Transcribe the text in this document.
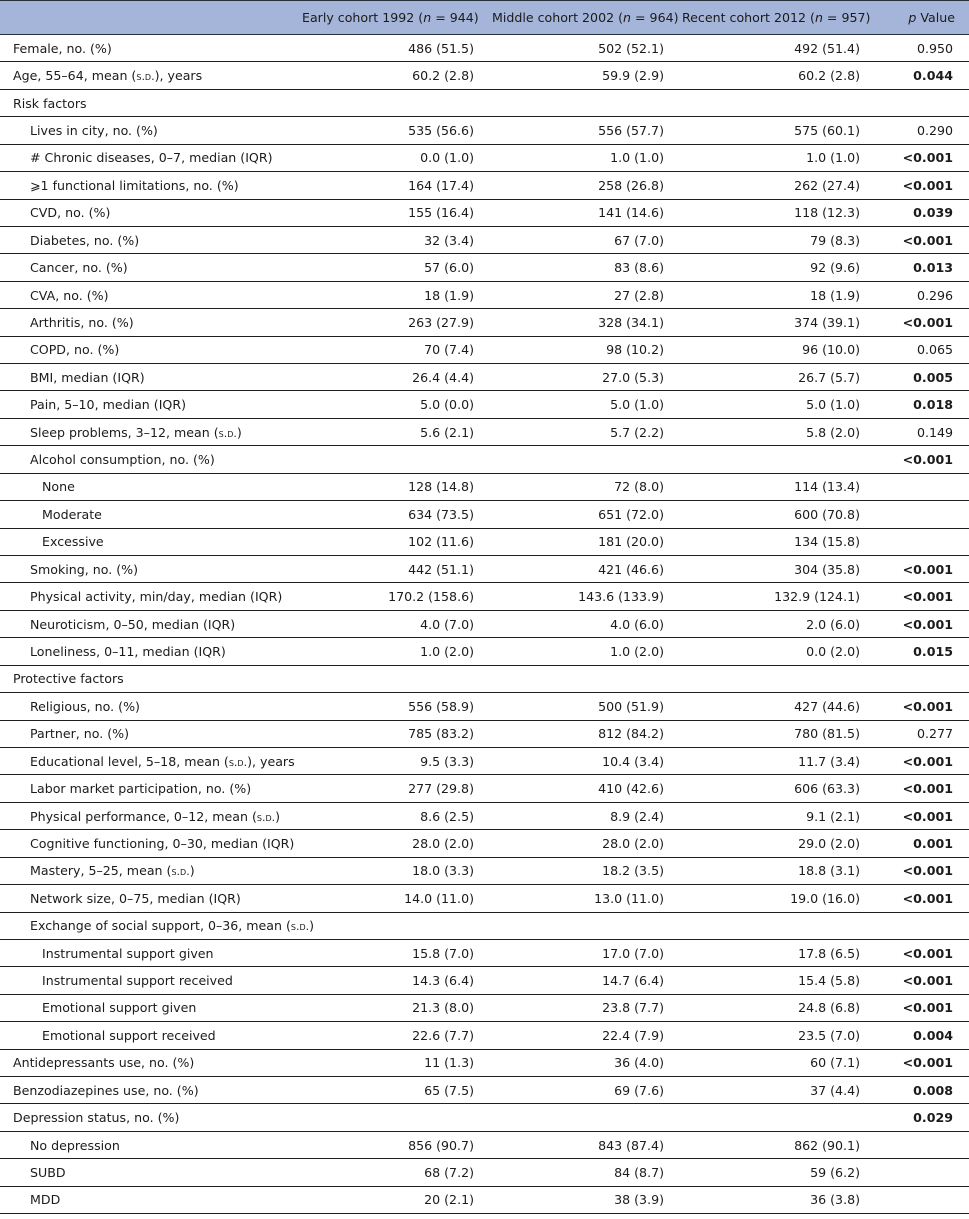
	Early cohort 1992 (n = 944)	Middle cohort 2002 (n = 964)	Recent cohort 2012 (n = 957)	p Value
Female, no. (%)	486 (51.5)	502 (52.1)	492 (51.4)	0.950
Age, 55–64, mean (s.d.), years	60.2 (2.8)	59.9 (2.9)	60.2 (2.8)	0.044
Risk factors				
Lives in city, no. (%)	535 (56.6)	556 (57.7)	575 (60.1)	0.290
# Chronic diseases, 0–7, median (IQR)	0.0 (1.0)	1.0 (1.0)	1.0 (1.0)	<0.001
⩾1 functional limitations, no. (%)	164 (17.4)	258 (26.8)	262 (27.4)	<0.001
CVD, no. (%)	155 (16.4)	141 (14.6)	118 (12.3)	0.039
Diabetes, no. (%)	32 (3.4)	67 (7.0)	79 (8.3)	<0.001
Cancer, no. (%)	57 (6.0)	83 (8.6)	92 (9.6)	0.013
CVA, no. (%)	18 (1.9)	27 (2.8)	18 (1.9)	0.296
Arthritis, no. (%)	263 (27.9)	328 (34.1)	374 (39.1)	<0.001
COPD, no. (%)	70 (7.4)	98 (10.2)	96 (10.0)	0.065
BMI, median (IQR)	26.4 (4.4)	27.0 (5.3)	26.7 (5.7)	0.005
Pain, 5–10, median (IQR)	5.0 (0.0)	5.0 (1.0)	5.0 (1.0)	0.018
Sleep problems, 3–12, mean (s.d.)	5.6 (2.1)	5.7 (2.2)	5.8 (2.0)	0.149
Alcohol consumption, no. (%)				<0.001
None	128 (14.8)	72 (8.0)	114 (13.4)	
Moderate	634 (73.5)	651 (72.0)	600 (70.8)	
Excessive	102 (11.6)	181 (20.0)	134 (15.8)	
Smoking, no. (%)	442 (51.1)	421 (46.6)	304 (35.8)	<0.001
Physical activity, min/day, median (IQR)	170.2 (158.6)	143.6 (133.9)	132.9 (124.1)	<0.001
Neuroticism, 0–50, median (IQR)	4.0 (7.0)	4.0 (6.0)	2.0 (6.0)	<0.001
Loneliness, 0–11, median (IQR)	1.0 (2.0)	1.0 (2.0)	0.0 (2.0)	0.015
Protective factors				
Religious, no. (%)	556 (58.9)	500 (51.9)	427 (44.6)	<0.001
Partner, no. (%)	785 (83.2)	812 (84.2)	780 (81.5)	0.277
Educational level, 5–18, mean (s.d.), years	9.5 (3.3)	10.4 (3.4)	11.7 (3.4)	<0.001
Labor market participation, no. (%)	277 (29.8)	410 (42.6)	606 (63.3)	<0.001
Physical performance, 0–12, mean (s.d.)	8.6 (2.5)	8.9 (2.4)	9.1 (2.1)	<0.001
Cognitive functioning, 0–30, median (IQR)	28.0 (2.0)	28.0 (2.0)	29.0 (2.0)	0.001
Mastery, 5–25, mean (s.d.)	18.0 (3.3)	18.2 (3.5)	18.8 (3.1)	<0.001
Network size, 0–75, median (IQR)	14.0 (11.0)	13.0 (11.0)	19.0 (16.0)	<0.001
Exchange of social support, 0–36, mean (s.d.)				
Instrumental support given	15.8 (7.0)	17.0 (7.0)	17.8 (6.5)	<0.001
Instrumental support received	14.3 (6.4)	14.7 (6.4)	15.4 (5.8)	<0.001
Emotional support given	21.3 (8.0)	23.8 (7.7)	24.8 (6.8)	<0.001
Emotional support received	22.6 (7.7)	22.4 (7.9)	23.5 (7.0)	0.004
Antidepressants use, no. (%)	11 (1.3)	36 (4.0)	60 (7.1)	<0.001
Benzodiazepines use, no. (%)	65 (7.5)	69 (7.6)	37 (4.4)	0.008
Depression status, no. (%)				0.029
No depression	856 (90.7)	843 (87.4)	862 (90.1)	
SUBD	68 (7.2)	84 (8.7)	59 (6.2)	
MDD	20 (2.1)	38 (3.9)	36 (3.8)	
